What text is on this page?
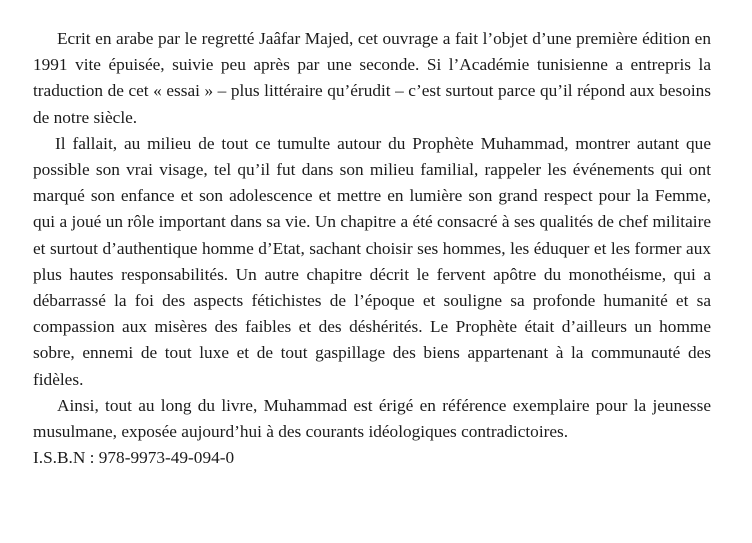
Ecrit en arabe par le regretté Jaâfar Majed, cet ouvrage a fait l’objet d’une première édition en 1991 vite épuisée, suivie peu après par une seconde. Si l’Académie tunisienne a entrepris la traduction de cet « essai » – plus littéraire qu’érudit – c’est surtout parce qu’il répond aux besoins de notre siècle.

Il fallait, au milieu de tout ce tumulte autour du Prophète Muhammad, montrer autant que possible son vrai visage, tel qu’il fut dans son milieu familial, rappeler les événements qui ont marqué son enfance et son adolescence et mettre en lumière son grand respect pour la Femme, qui a joué un rôle important dans sa vie. Un chapitre a été consacré à ses qualités de chef militaire et surtout d’authentique homme d’Etat, sachant choisir ses hommes, les éduquer et les former aux plus hautes responsabilités. Un autre chapitre décrit le fervent apôtre du monothéisme, qui a débarrassé la foi des aspects fétichistes de l’époque et souligne sa profonde humanité et sa compassion aux misères des faibles et des déshérités. Le Prophète était d’ailleurs un homme sobre, ennemi de tout luxe et de tout gaspillage des biens appartenant à la communauté des fidèles.

Ainsi, tout au long du livre, Muhammad est érigé en référence exemplaire pour la jeunesse musulmane, exposée aujourd’hui à des courants idéologiques contradictoires.

I.S.B.N : 978-9973-49-094-0
